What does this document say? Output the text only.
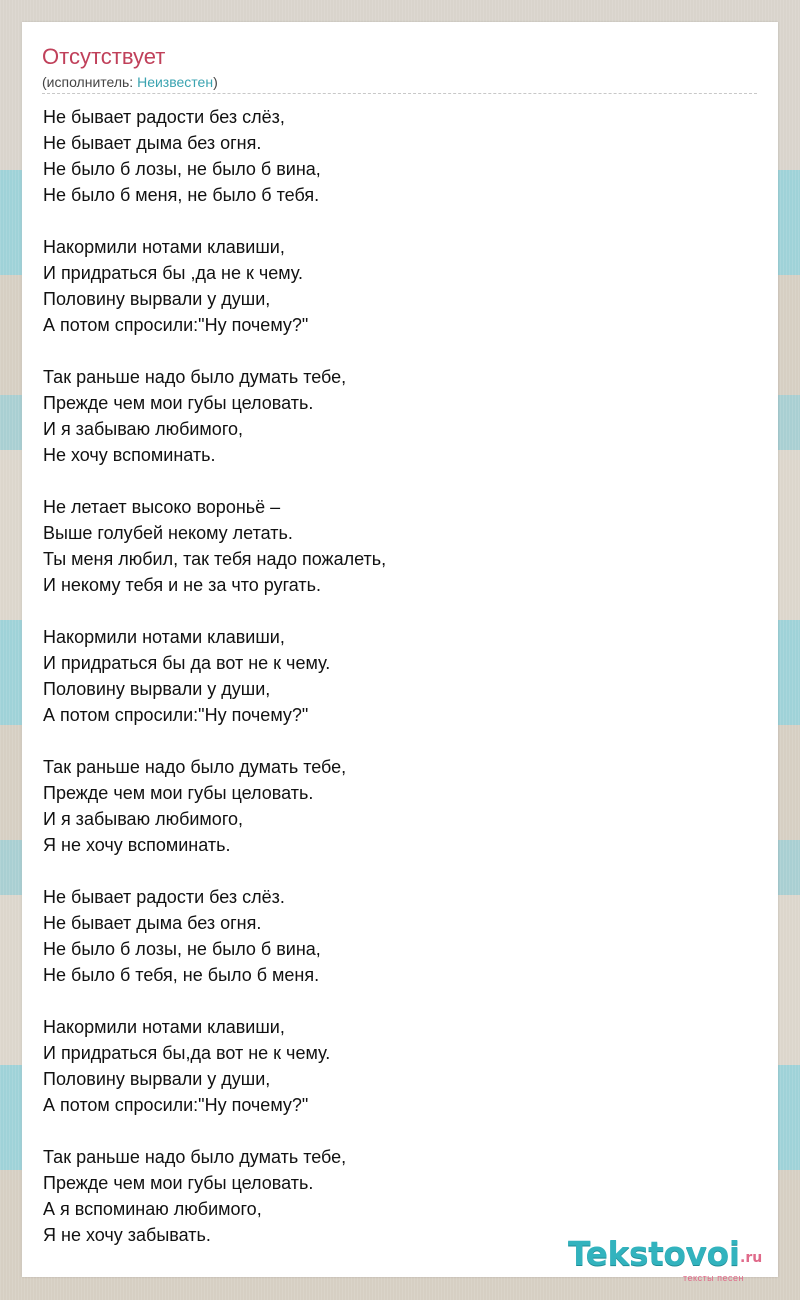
Отсутствует
(исполнитель: Неизвестен)
Не бывает радости без слёз,
Не бывает дыма без огня.
Не было б лозы, не было б вина,
Не было б меня, не было б тебя.
Накормили нотами клавиши,
И придраться бы ,да не к чему.
Половину вырвали у души,
А потом спросили:"Ну почему?"
Так раньше надо было думать тебе,
Прежде чем мои губы целовать.
И я забываю любимого,
Не хочу вспоминать.
Не летает высоко вороньё –
Выше голубей некому летать.
Ты меня любил, так тебя надо пожалеть,
И некому тебя и не за что ругать.
Накормили нотами клавиши,
И придраться бы да вот не к чему.
Половину вырвали у души,
А потом спросили:"Ну почему?"
Так раньше надо было думать тебе,
Прежде чем мои губы целовать.
И я забываю любимого,
Я не хочу вспоминать.
Не бывает радости без слёз.
Не бывает дыма без огня.
Не было б лозы, не было б вина,
Не было б тебя, не было б меня.
Накормили нотами клавиши,
И придраться бы,да вот не к чему.
Половину вырвали у души,
А потом спросили:"Ну почему?"
Так раньше надо было думать тебе,
Прежде чем мои губы целовать.
А я вспоминаю любимого,
Я не хочу забывать.	Tekstovoi .ru
тексты песен
